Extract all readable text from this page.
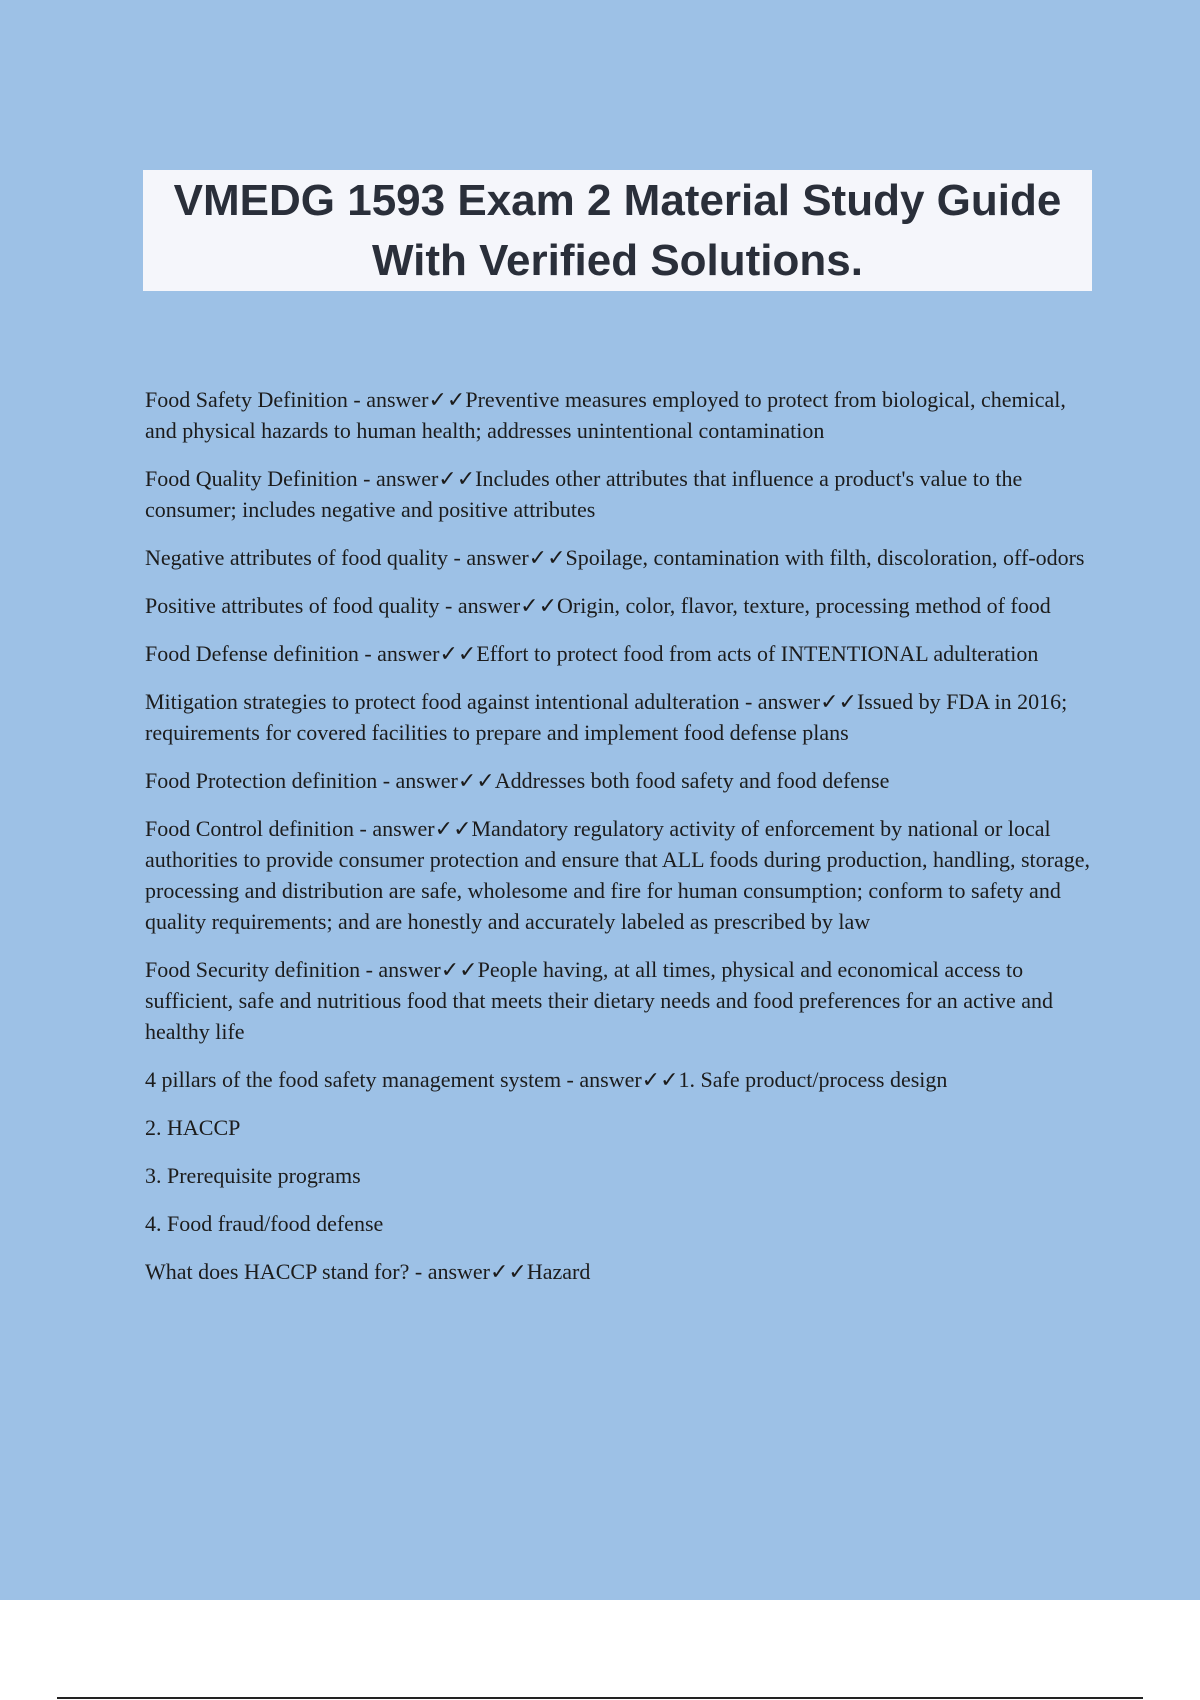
VMEDG 1593 Exam 2 Material Study Guide With Verified Solutions.

Food Safety Definition - answer✓✓Preventive measures employed to protect from biological, chemical, and physical hazards to human health; addresses unintentional contamination

Food Quality Definition - answer✓✓Includes other attributes that influence a product's value to the consumer; includes negative and positive attributes

Negative attributes of food quality - answer✓✓Spoilage, contamination with filth, discoloration, off-odors

Positive attributes of food quality - answer✓✓Origin, color, flavor, texture, processing method of food

Food Defense definition - answer✓✓Effort to protect food from acts of INTENTIONAL adulteration

Mitigation strategies to protect food against intentional adulteration - answer✓✓Issued by FDA in 2016; requirements for covered facilities to prepare and implement food defense plans

Food Protection definition - answer✓✓Addresses both food safety and food defense

Food Control definition - answer✓✓Mandatory regulatory activity of enforcement by national or local authorities to provide consumer protection and ensure that ALL foods during production, handling, storage, processing and distribution are safe, wholesome and fire for human consumption; conform to safety and quality requirements; and are honestly and accurately labeled as prescribed by law

Food Security definition - answer✓✓People having, at all times, physical and economical access to sufficient, safe and nutritious food that meets their dietary needs and food preferences for an active and healthy life

4 pillars of the food safety management system - answer✓✓1. Safe product/process design

2. HACCP

3. Prerequisite programs

4. Food fraud/food defense

What does HACCP stand for? - answer✓✓Hazard
